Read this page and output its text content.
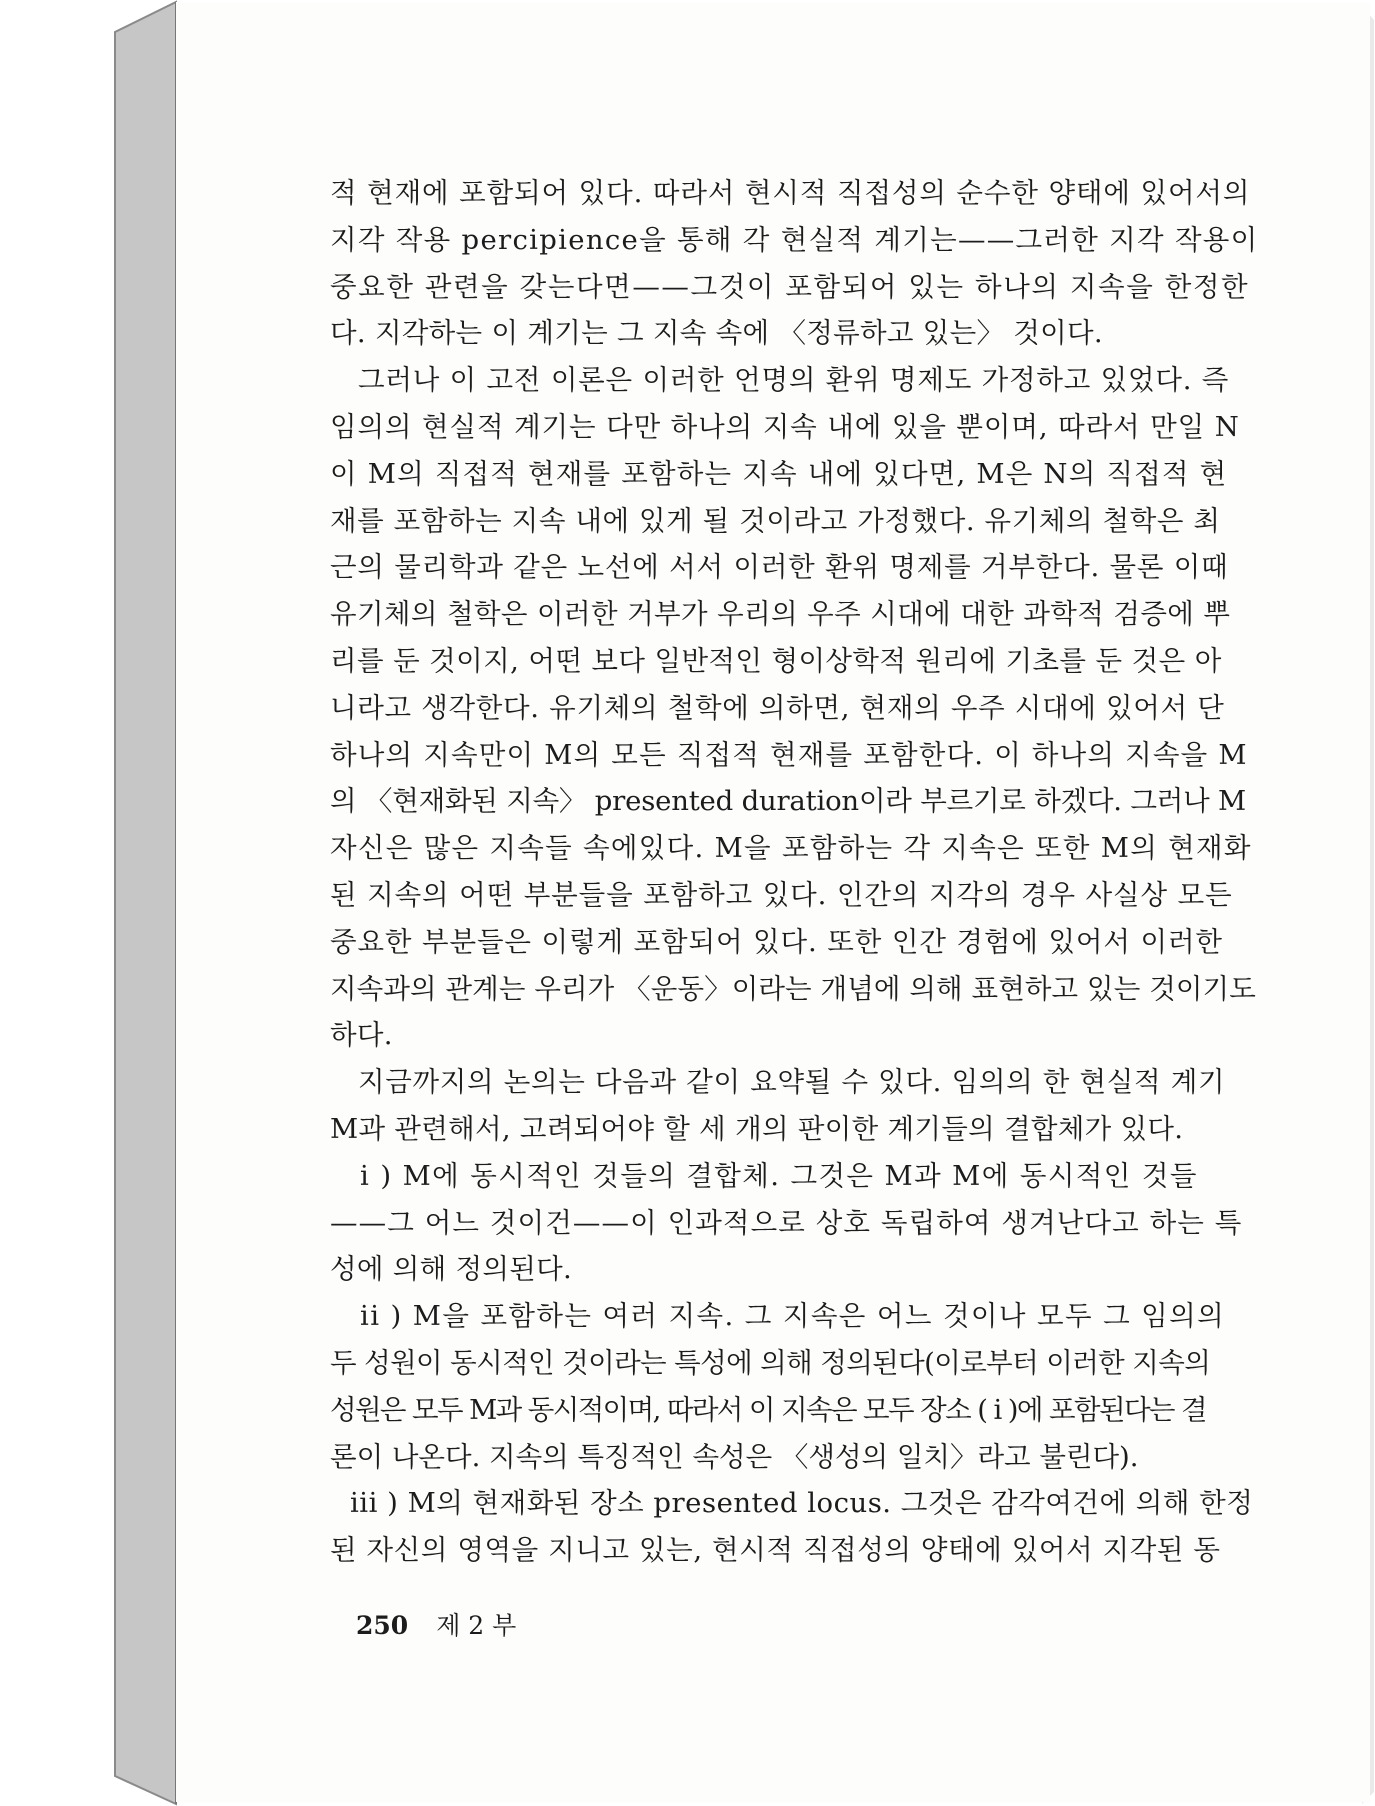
적 현재에 포함되어 있다. 따라서 현시적 직접성의 순수한 양태에 있어서의
지각 작용 percipience을 통해 각 현실적 계기는——그러한 지각 작용이
중요한 관련을 갖는다면——그것이 포함되어 있는 하나의 지속을 한정한
다. 지각하는 이 계기는 그 지속 속에 〈정류하고 있는〉 것이다.
그러나 이 고전 이론은 이러한 언명의 환위 명제도 가정하고 있었다. 즉
임의의 현실적 계기는 다만 하나의 지속 내에 있을 뿐이며, 따라서 만일 N
이 M의 직접적 현재를 포함하는 지속 내에 있다면, M은 N의 직접적 현
재를 포함하는 지속 내에 있게 될 것이라고 가정했다. 유기체의 철학은 최
근의 물리학과 같은 노선에 서서 이러한 환위 명제를 거부한다. 물론 이때
유기체의 철학은 이러한 거부가 우리의 우주 시대에 대한 과학적 검증에 뿌
리를 둔 것이지, 어떤 보다 일반적인 형이상학적 원리에 기초를 둔 것은 아
니라고 생각한다. 유기체의 철학에 의하면, 현재의 우주 시대에 있어서 단
하나의 지속만이 M의 모든 직접적 현재를 포함한다. 이 하나의 지속을 M
의 〈현재화된 지속〉 presented duration이라 부르기로 하겠다. 그러나 M
자신은 많은 지속들 속에있다. M을 포함하는 각 지속은 또한 M의 현재화
된 지속의 어떤 부분들을 포함하고 있다. 인간의 지각의 경우 사실상 모든
중요한 부분들은 이렇게 포함되어 있다. 또한 인간 경험에 있어서 이러한
지속과의 관계는 우리가 〈운동〉이라는 개념에 의해 표현하고 있는 것이기도
하다.
지금까지의 논의는 다음과 같이 요약될 수 있다. 임의의 한 현실적 계기
M과 관련해서, 고려되어야 할 세 개의 판이한 계기들의 결합체가 있다.
i ) M에 동시적인 것들의 결합체. 그것은 M과 M에 동시적인 것들
——그 어느 것이건——이 인과적으로 상호 독립하여 생겨난다고 하는 특
성에 의해 정의된다.
ii ) M을 포함하는 여러 지속. 그 지속은 어느 것이나 모두 그 임의의
두 성원이 동시적인 것이라는 특성에 의해 정의된다(이로부터 이러한 지속의
성원은 모두 M과 동시적이며, 따라서 이 지속은 모두 장소 ( i )에 포함된다는 결
론이 나온다. 지속의 특징적인 속성은 〈생성의 일치〉라고 불린다).
iii ) M의 현재화된 장소 presented locus. 그것은 감각여건에 의해 한정
된 자신의 영역을 지니고 있는, 현시적 직접성의 양태에 있어서 지각된 동
250 제 2 부
